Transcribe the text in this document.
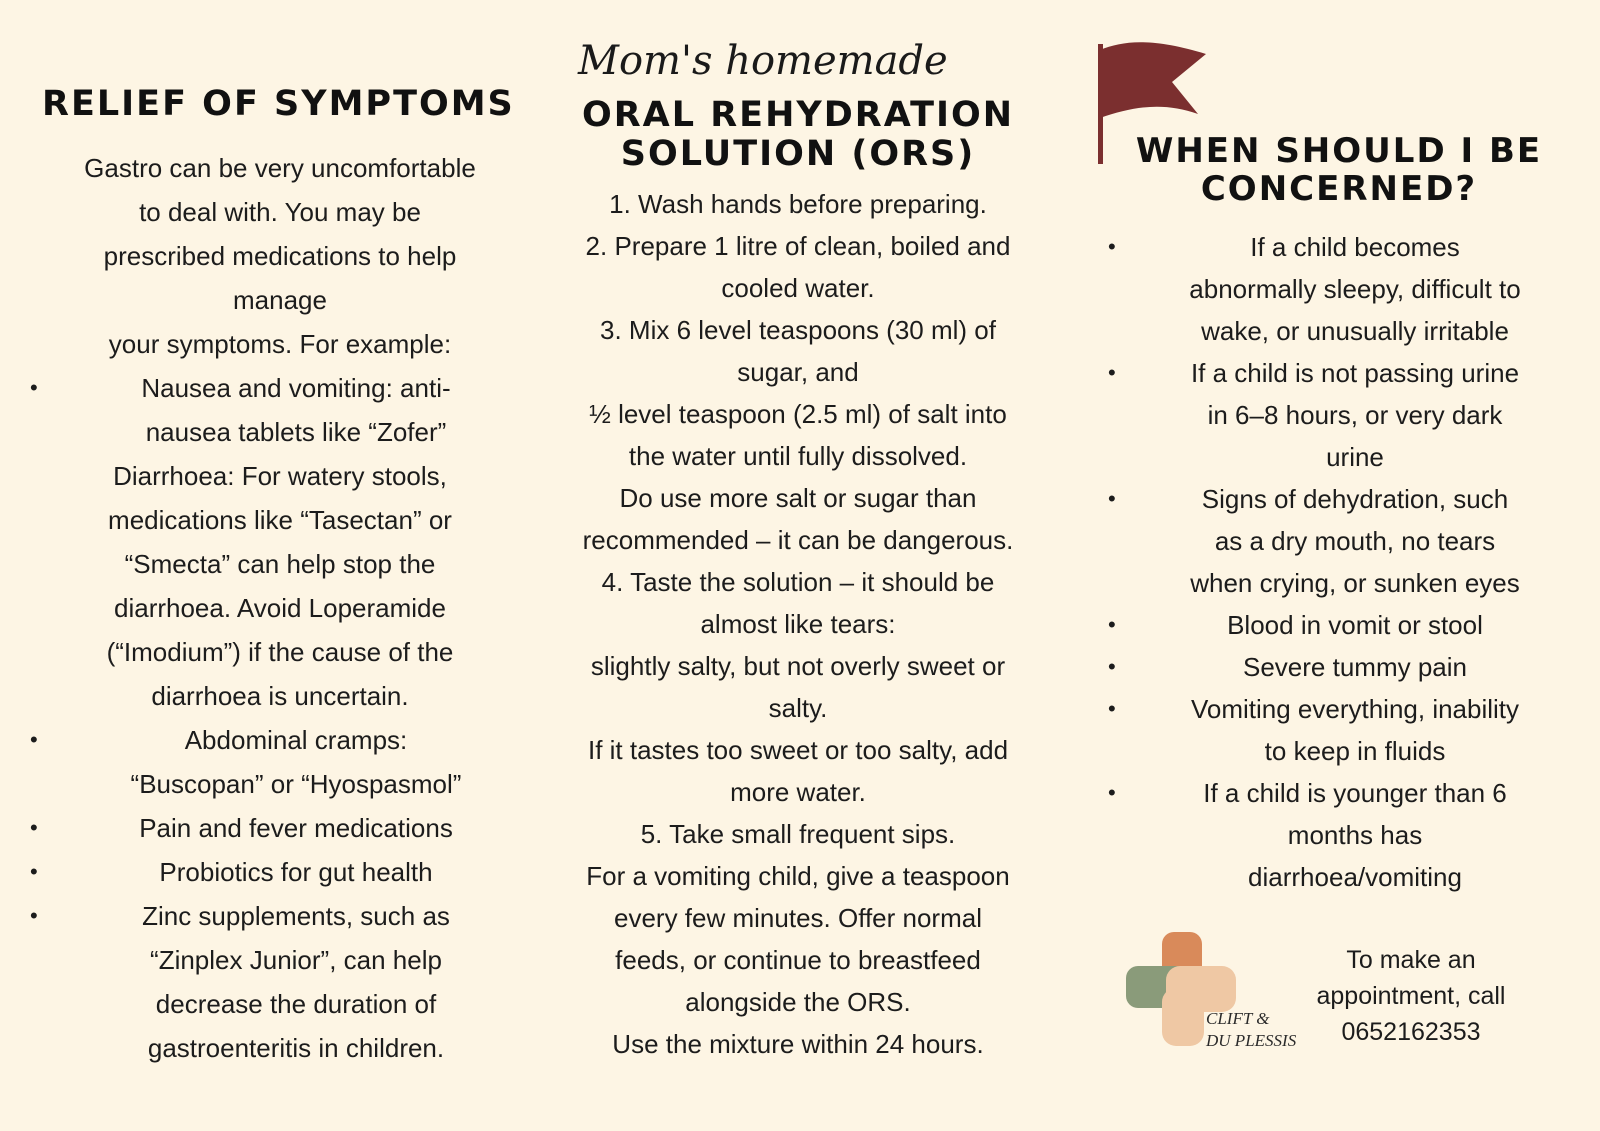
RELIEF OF SYMPTOMS

Gastro can be very uncomfortable

to deal with. You may be

prescribed medications to help

manage

your symptoms. For example:

•	Nausea and vomiting: anti-

nausea tablets like “Zofer”

Diarrhoea: For watery stools,

medications like “Tasectan” or

“Smecta” can help stop the

diarrhoea. Avoid Loperamide

(“Imodium”) if the cause of the

diarrhoea is uncertain.

•	Abdominal cramps:

“Buscopan” or “Hyospasmol”

•	Pain and fever medications

•	Probiotics for gut health

•	Zinc supplements, such as

“Zinplex Junior”, can help

decrease the duration of

gastroenteritis in children.

Mom's homemade
ORAL REHYDRATION
SOLUTION (ORS)

1. Wash hands before preparing.

2. Prepare 1 litre of clean, boiled and

cooled water.

3. Mix 6 level teaspoons (30 ml) of

sugar, and

½ level teaspoon (2.5 ml) of salt into

the water until fully dissolved.

Do use more salt or sugar than

recommended – it can be dangerous.

4. Taste the solution – it should be

almost like tears:

slightly salty, but not overly sweet or

salty.

If it tastes too sweet or too salty, add

more water.

5. Take small frequent sips.

For a vomiting child, give a teaspoon

every few minutes. Offer normal

feeds, or continue to breastfeed

alongside the ORS.

Use the mixture within 24 hours.

WHEN SHOULD I BE
CONCERNED?
•	If a child becomes

abnormally sleepy, difficult to

wake, or unusually irritable

•	If a child is not passing urine

in 6–8 hours, or very dark

urine

•	Signs of dehydration, such

as a dry mouth, no tears

when crying, or sunken eyes

•	Blood in vomit or stool

•	Severe tummy pain

•	Vomiting everything, inability

to keep in fluids

•	If a child is younger than 6

months has

diarrhoea/vomiting

CLIFT &
DU PLESSIS

To make an

appointment, call

0652162353
